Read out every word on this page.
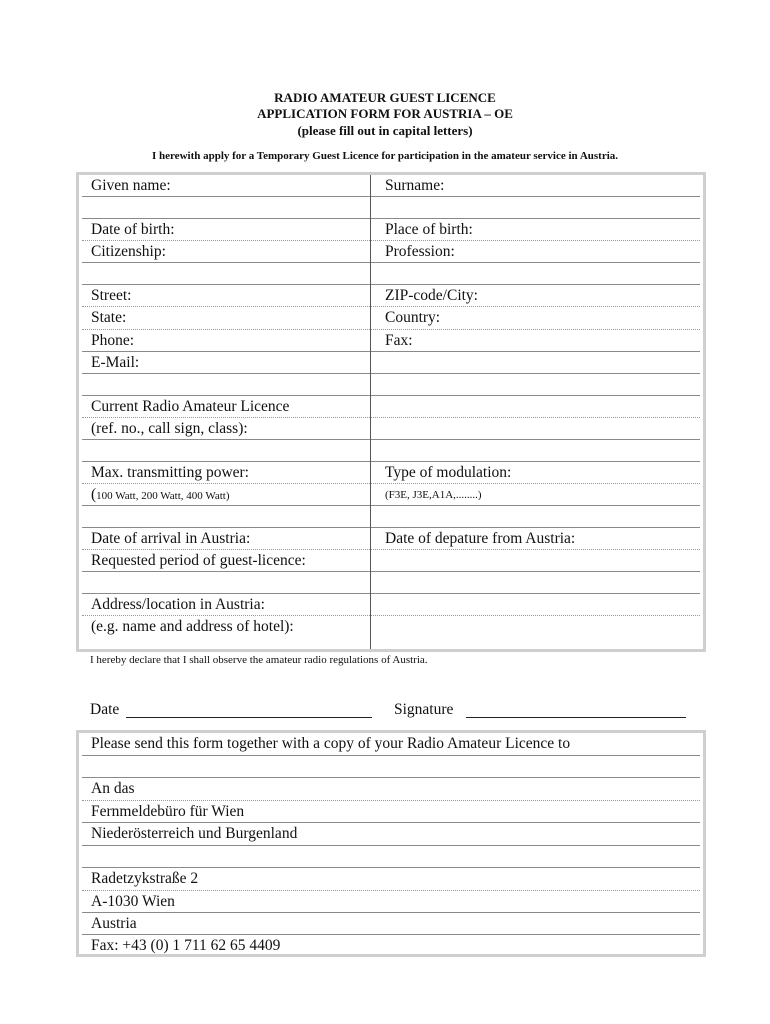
RADIO AMATEUR GUEST LICENCE
APPLICATION FORM FOR AUSTRIA – OE
(please fill out in capital letters)
I herewith apply for a Temporary Guest Licence for participation in the amateur service in Austria.
Given name:	Surname:
Date of birth:	Place of birth:
Citizenship:	Profession:
Street:	ZIP-code/City:
State:	Country:
Phone:	Fax:
E-Mail:
Current Radio Amateur Licence
(ref. no., call sign, class):
Max. transmitting power:	Type of modulation:
(100 Watt, 200 Watt, 400 Watt)	(F3E, J3E,A1A,........)
Date of arrival in Austria:	Date of depature from Austria:
Requested period of guest-licence:
Address/location in Austria:
(e.g. name and address of hotel):
I hereby declare that I shall observe the amateur radio regulations of Austria.
Date	Signature
Please send this form together with a copy of your Radio Amateur Licence to
An das
Fernmeldebüro für Wien
Niederösterreich und Burgenland
Radetzykstraße 2
A-1030 Wien
Austria
Fax: +43 (0) 1 711 62 65 4409
